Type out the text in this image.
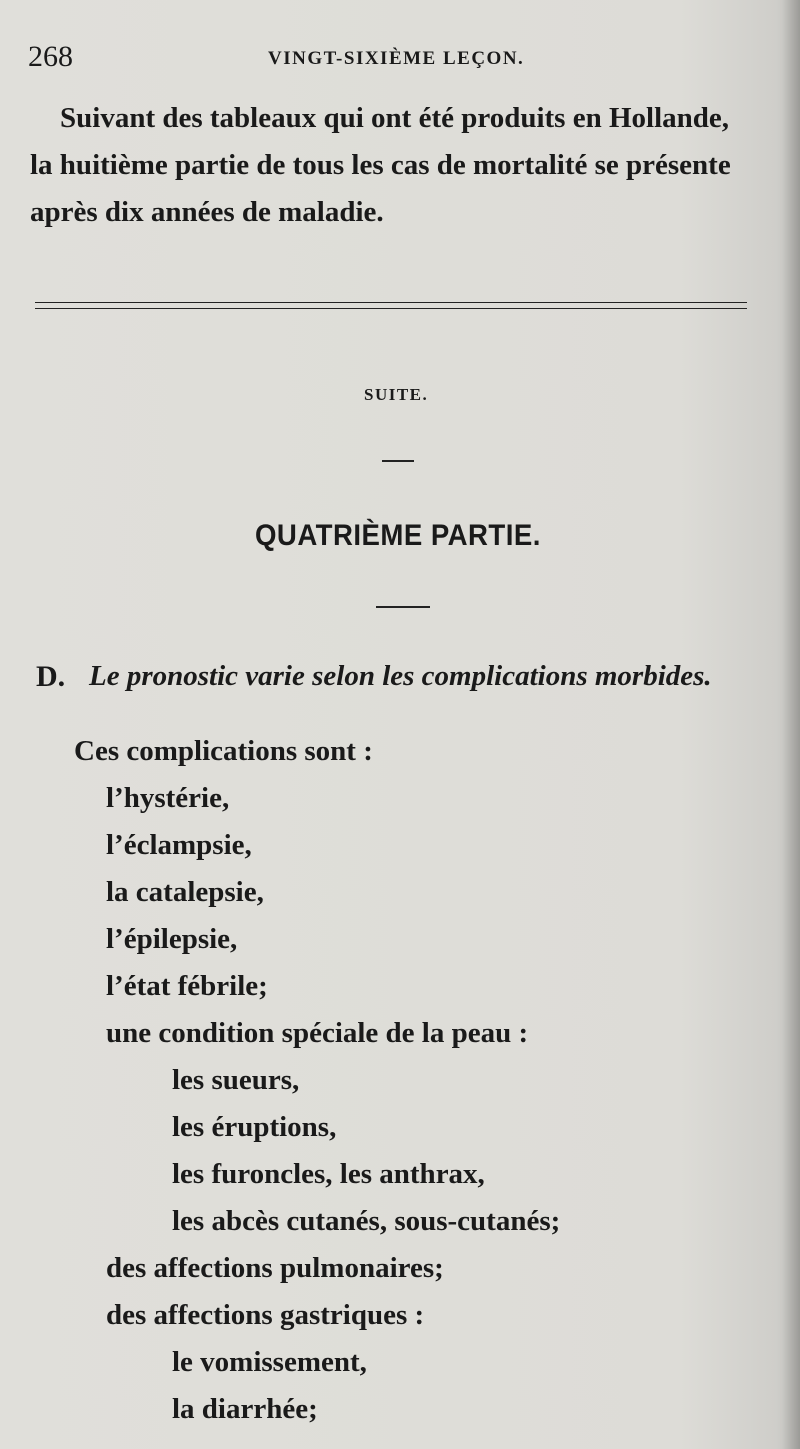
268	VINGT-SIXIÈME LEÇON.
Suivant des tableaux qui ont été produits en Hollande,
la huitième partie de tous les cas de mortalité se présente
après dix années de maladie.
SUITE.
QUATRIÈME PARTIE.
D. Le pronostic varie selon les complications morbides.
Ces complications sont :
l’hystérie,
l’éclampsie,
la catalepsie,
l’épilepsie,
l’état fébrile;
une condition spéciale de la peau :
les sueurs,
les éruptions,
les furoncles, les anthrax,
les abcès cutanés, sous-cutanés;
des affections pulmonaires;
des affections gastriques :
le vomissement,
la diarrhée;
